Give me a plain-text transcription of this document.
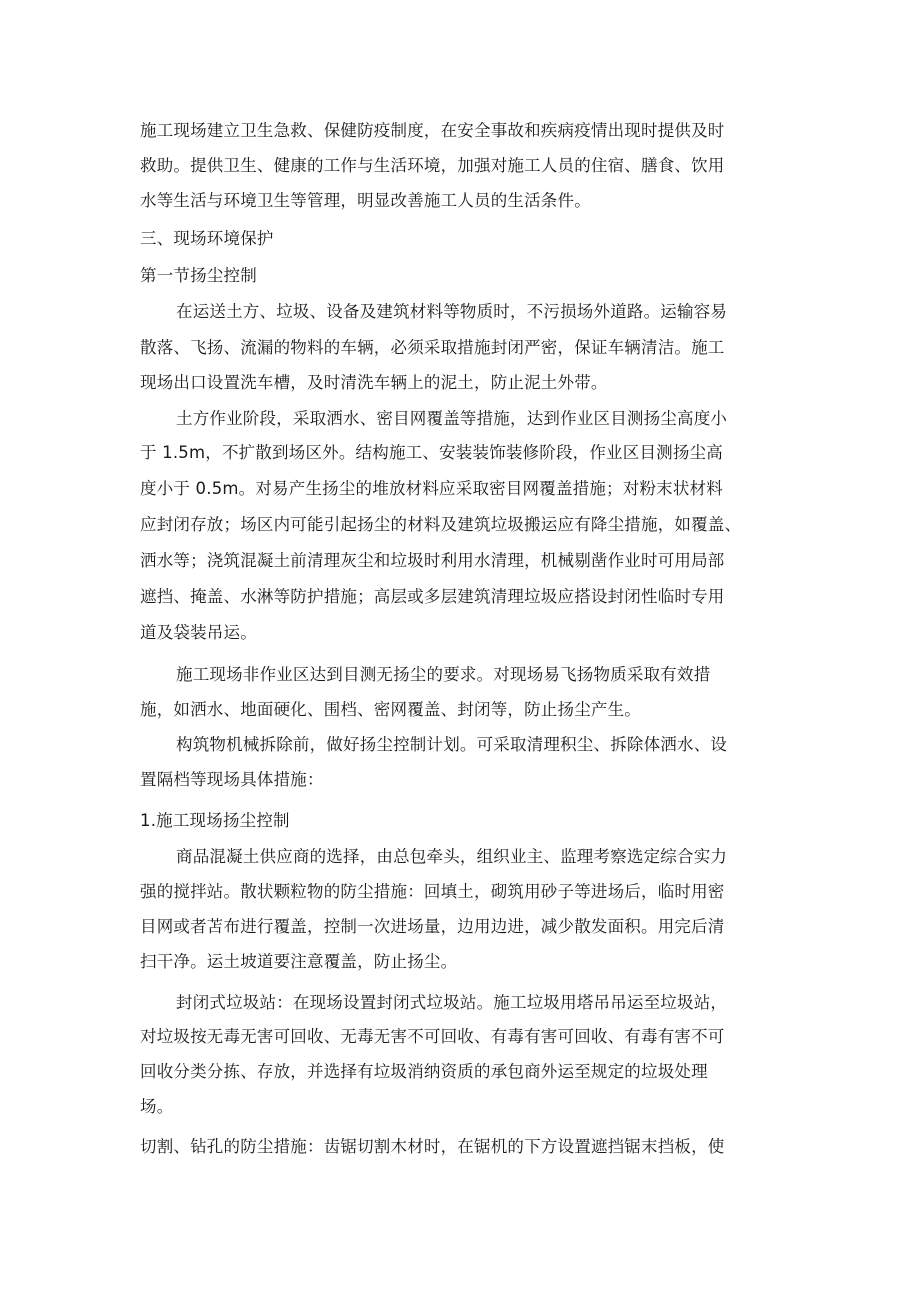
施工现场建立卫生急救、保健防疫制度，在安全事故和疾病疫情出现时提供及时
救助。提供卫生、健康的工作与生活环境，加强对施工人员的住宿、膳食、饮用
水等生活与环境卫生等管理，明显改善施工人员的生活条件。
三、现场环境保护
第一节扬尘控制
在运送土方、垃圾、设备及建筑材料等物质时，不污损场外道路。运输容易
散落、飞扬、流漏的物料的车辆，必须采取措施封闭严密，保证车辆清洁。施工
现场出口设置洗车槽，及时清洗车辆上的泥土，防止泥土外带。
土方作业阶段，采取洒水、密目网覆盖等措施，达到作业区目测扬尘高度小
于 1.5m，不扩散到场区外。结构施工、安装装饰装修阶段，作业区目测扬尘高
度小于 0.5m。对易产生扬尘的堆放材料应采取密目网覆盖措施；对粉末状材料
应封闭存放；场区内可能引起扬尘的材料及建筑垃圾搬运应有降尘措施，如覆盖、
洒水等；浇筑混凝土前清理灰尘和垃圾时利用水清理，机械剔凿作业时可用局部
遮挡、掩盖、水淋等防护措施；高层或多层建筑清理垃圾应搭设封闭性临时专用
道及袋装吊运。
施工现场非作业区达到目测无扬尘的要求。对现场易飞扬物质采取有效措
施，如洒水、地面硬化、围档、密网覆盖、封闭等，防止扬尘产生。
构筑物机械拆除前，做好扬尘控制计划。可采取清理积尘、拆除体洒水、设
置隔档等现场具体措施：
1.施工现场扬尘控制
商品混凝土供应商的选择，由总包牵头，组织业主、监理考察选定综合实力
强的搅拌站。散状颗粒物的防尘措施：回填土，砌筑用砂子等进场后，临时用密
目网或者苫布进行覆盖，控制一次进场量，边用边进，减少散发面积。用完后清
扫干净。运土坡道要注意覆盖，防止扬尘。
封闭式垃圾站：在现场设置封闭式垃圾站。施工垃圾用塔吊吊运至垃圾站，
对垃圾按无毒无害可回收、无毒无害不可回收、有毒有害可回收、有毒有害不可
回收分类分拣、存放，并选择有垃圾消纳资质的承包商外运至规定的垃圾处理
场。
切割、钻孔的防尘措施：齿锯切割木材时，在锯机的下方设置遮挡锯末挡板，使
